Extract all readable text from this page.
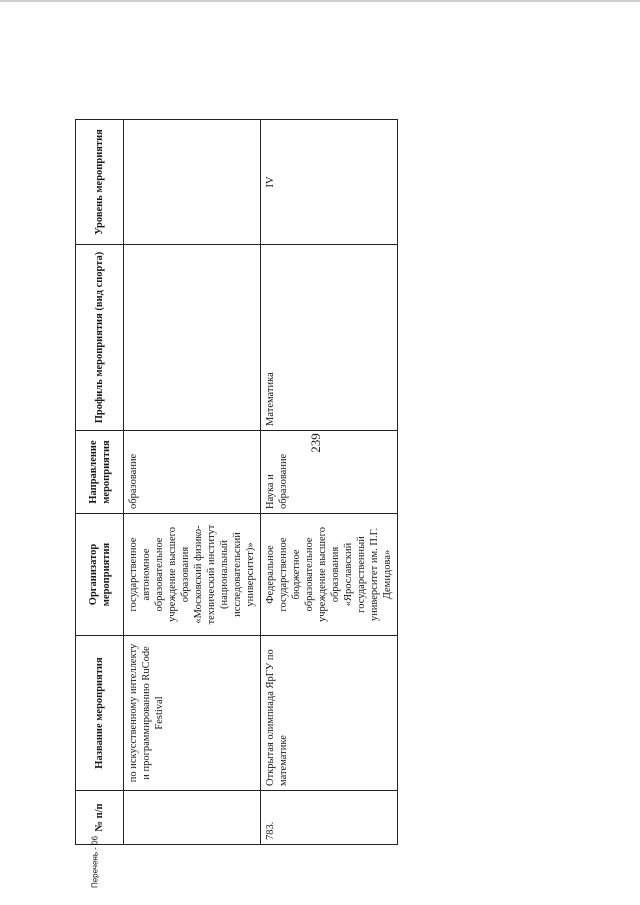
239
№ п/п	Название мероприятия	Организатор мероприятия	Направление мероприятия	Профиль мероприятия (вид спорта)	Уровень мероприятия
	по искусственному интеллекту и программированию RuCode Festival	государственное автономное образовательное учреждение высшего образования «Московский физико-технический институт (национальный исследовательский университет)»	образование		
783.	Открытая олимпиада ЯрГУ по математике	Федеральное государственное бюджетное образовательное учреждение высшего образования «Ярославский государственный университет им. П.Г. Демидова»	Наука и образование	Математика	IV
Перечень - 06
